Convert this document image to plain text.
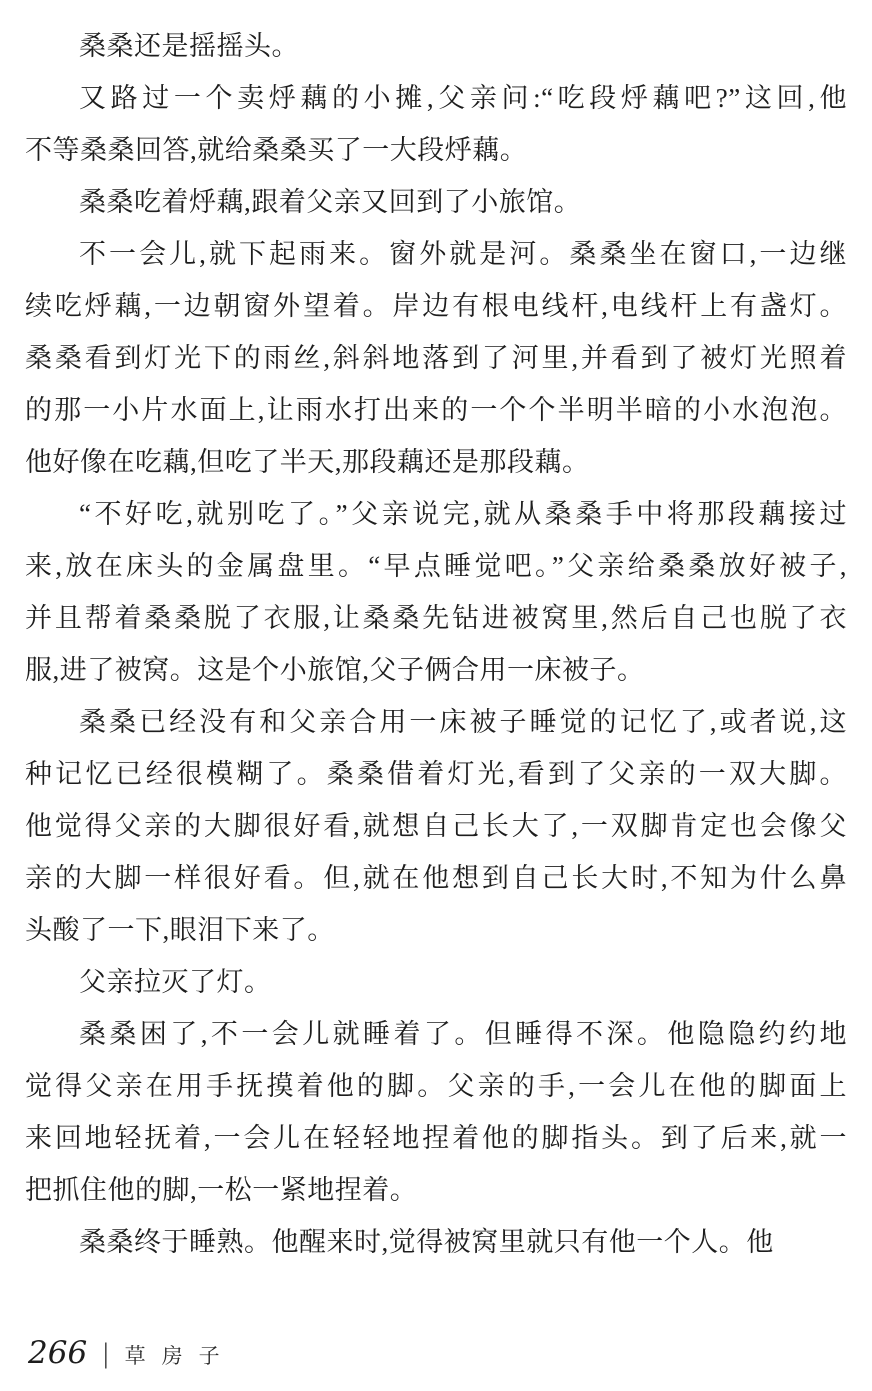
桑桑还是摇摇头。

又路过一个卖烀藕的小摊,父亲问:“吃段烀藕吧?”这回,他
不等桑桑回答,就给桑桑买了一大段烀藕。

桑桑吃着烀藕,跟着父亲又回到了小旅馆。

不一会儿,就下起雨来。窗外就是河。桑桑坐在窗口,一边继
续吃烀藕,一边朝窗外望着。岸边有根电线杆,电线杆上有盏灯。
桑桑看到灯光下的雨丝,斜斜地落到了河里,并看到了被灯光照着
的那一小片水面上,让雨水打出来的一个个半明半暗的小水泡泡。
他好像在吃藕,但吃了半天,那段藕还是那段藕。

“不好吃,就别吃了。”父亲说完,就从桑桑手中将那段藕接过
来,放在床头的金属盘里。“早点睡觉吧。”父亲给桑桑放好被子,
并且帮着桑桑脱了衣服,让桑桑先钻进被窝里,然后自己也脱了衣
服,进了被窝。这是个小旅馆,父子俩合用一床被子。

桑桑已经没有和父亲合用一床被子睡觉的记忆了,或者说,这
种记忆已经很模糊了。桑桑借着灯光,看到了父亲的一双大脚。
他觉得父亲的大脚很好看,就想自己长大了,一双脚肯定也会像父
亲的大脚一样很好看。但,就在他想到自己长大时,不知为什么鼻
头酸了一下,眼泪下来了。

父亲拉灭了灯。

桑桑困了,不一会儿就睡着了。但睡得不深。他隐隐约约地
觉得父亲在用手抚摸着他的脚。父亲的手,一会儿在他的脚面上
来回地轻抚着,一会儿在轻轻地捏着他的脚指头。到了后来,就一
把抓住他的脚,一松一紧地捏着。

桑桑终于睡熟。他醒来时,觉得被窝里就只有他一个人。他

266 | 草房子
